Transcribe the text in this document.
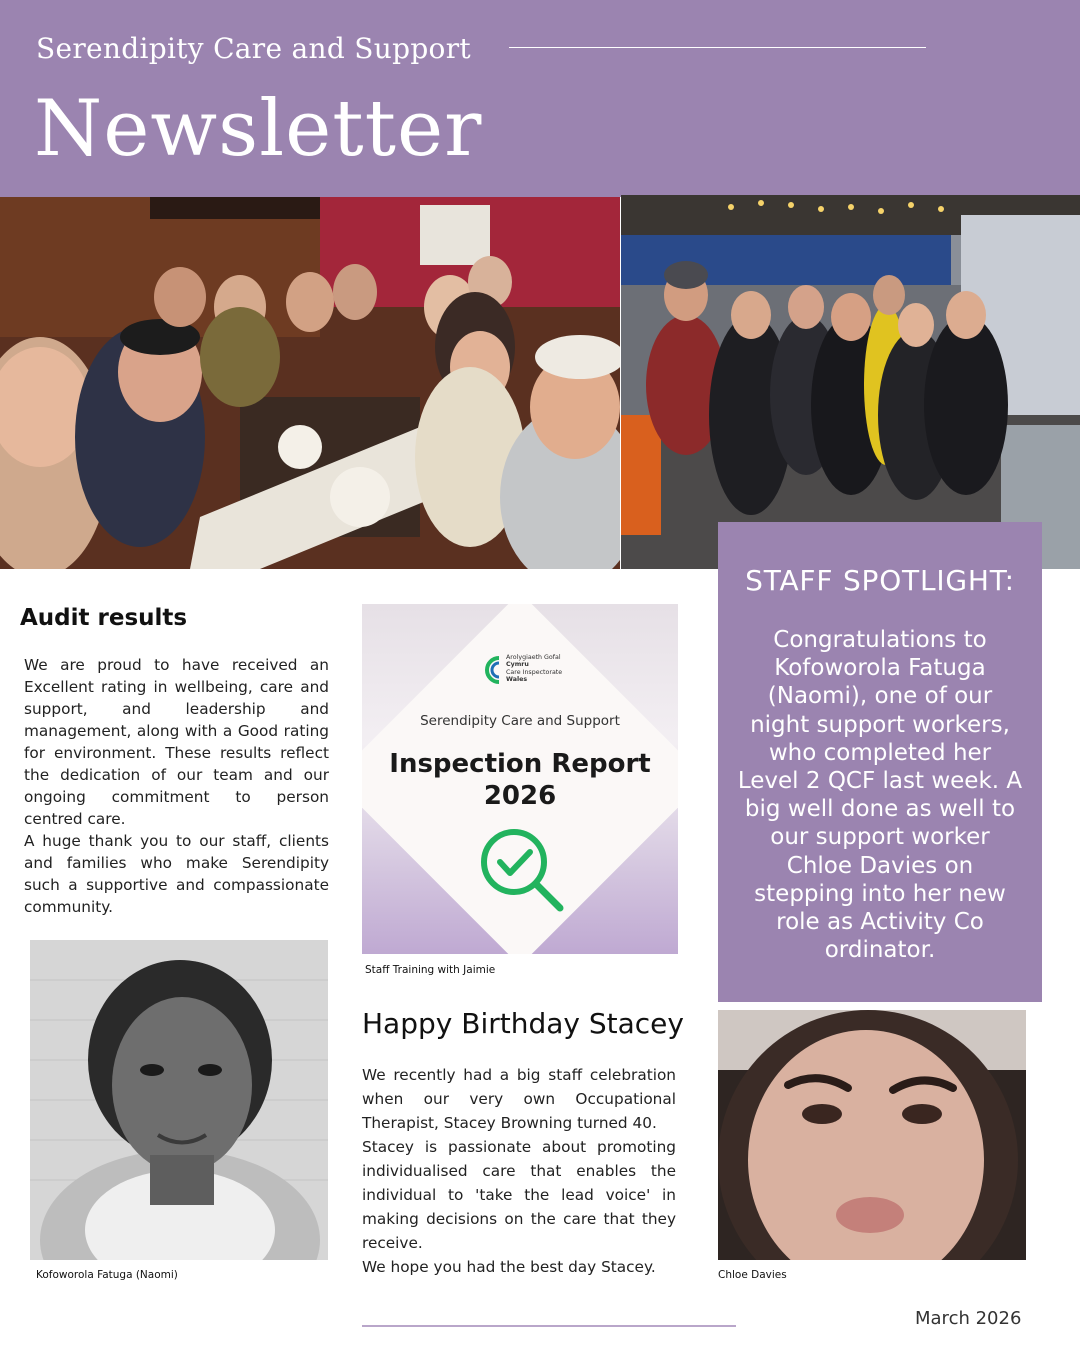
Serendipity Care and Support
Newsletter
STAFF SPOTLIGHT:
Congratulations to Kofoworola Fatuga (Naomi), one of our night support workers, who completed her Level 2 QCF last week. A big well done as well to our support worker Chloe Davies on stepping into her new role as Activity Co ordinator.
Audit results

We are proud to have received an Excellent rating in wellbeing, care and support, and leadership and management, along with a Good rating for environment. These results reflect the dedication of our team and our ongoing commitment to person centred care.

A huge thank you to our staff, clients and families who make Serendipity such a supportive and compassionate community.

Arolygiaeth Gofal
Cymru
Care Inspectorate
Wales
Serendipity Care and Support
Inspection Report
2026
Staff Training with Jaimie
Happy Birthday Stacey

We recently had a big staff celebration when our very own Occupational Therapist, Stacey Browning turned 40.

Stacey is passionate about promoting individualised care that enables the individual to 'take the lead voice' in making decisions on the care that they receive.

We hope you had the best day Stacey.

Kofoworola Fatuga (Naomi)	Chloe Davies
March 2026
